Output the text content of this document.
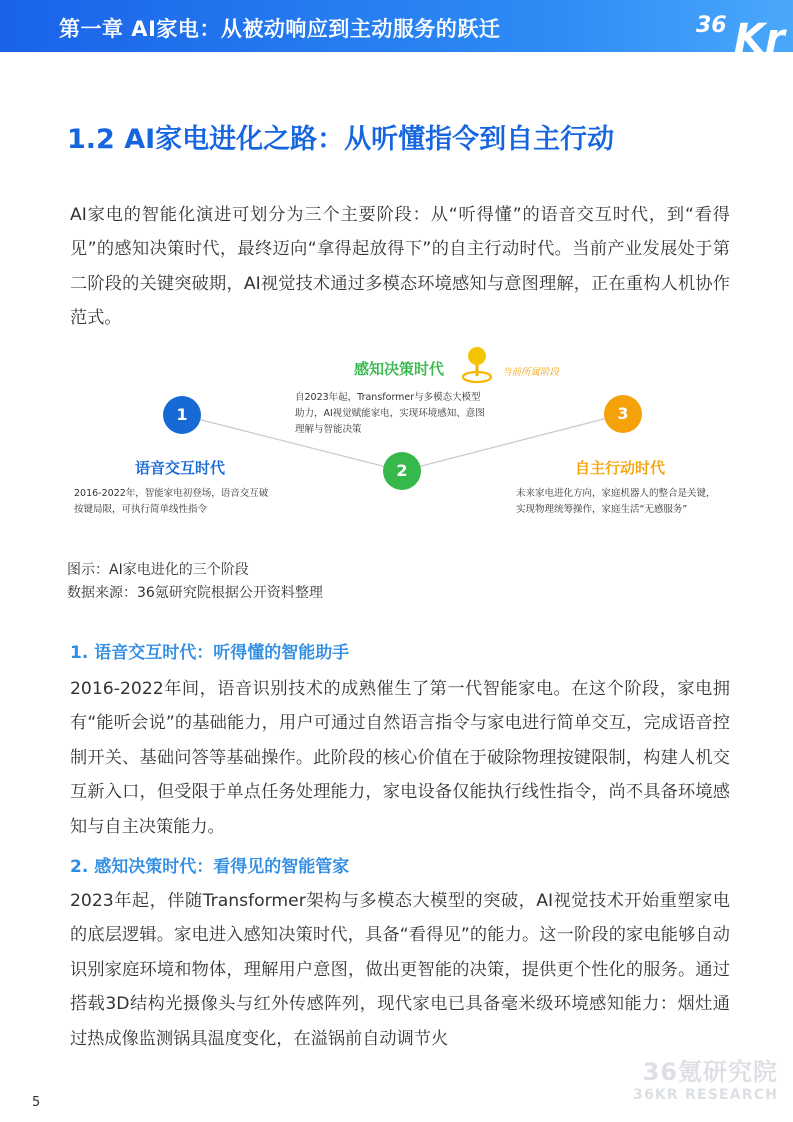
第一章 AI家电：从被动响应到主动服务的跃迁	36 Kr
1.2 AI家电进化之路：从听懂指令到自主行动
AI家电的智能化演进可划分为三个主要阶段：从“听得懂”的语音交互时代，到“看得见”的感知决策时代，最终迈向“拿得起放得下”的自主行动时代。当前产业发展处于第二阶段的关键突破期，AI视觉技术通过多模态环境感知与意图理解，正在重构人机协作范式。
1
2
3
语音交互时代
感知决策时代
自主行动时代
2016-2022年，智能家电初登场，语音交互破
按键局限，可执行简单线性指令
自2023年起，Transformer与多模态大模型
助力，AI视觉赋能家电，实现环境感知、意图
理解与智能决策
未来家电进化方向，家庭机器人的整合是关键，
实现物理统筹操作，家庭生活“无感服务”
当前所属阶段
图示：AI家电进化的三个阶段
数据来源：36氪研究院根据公开资料整理
1. 语音交互时代：听得懂的智能助手
2016-2022年间，语音识别技术的成熟催生了第一代智能家电。在这个阶段，家电拥有“能听会说”的基础能力，用户可通过自然语言指令与家电进行简单交互，完成语音控制开关、基础问答等基础操作。此阶段的核心价值在于破除物理按键限制，构建人机交互新入口，但受限于单点任务处理能力，家电设备仅能执行线性指令，尚不具备环境感知与自主决策能力。
2. 感知决策时代：看得见的智能管家
2023年起，伴随Transformer架构与多模态大模型的突破，AI视觉技术开始重塑家电的底层逻辑。家电进入感知决策时代，具备“看得见”的能力。这一阶段的家电能够自动识别家庭环境和物体，理解用户意图，做出更智能的决策，提供更个性化的服务。通过搭载3D结构光摄像头与红外传感阵列，现代家电已具备毫米级环境感知能力：烟灶通过热成像监测锅具温度变化，在溢锅前自动调节火
36氪研究院
36KR RESEARCH
5
